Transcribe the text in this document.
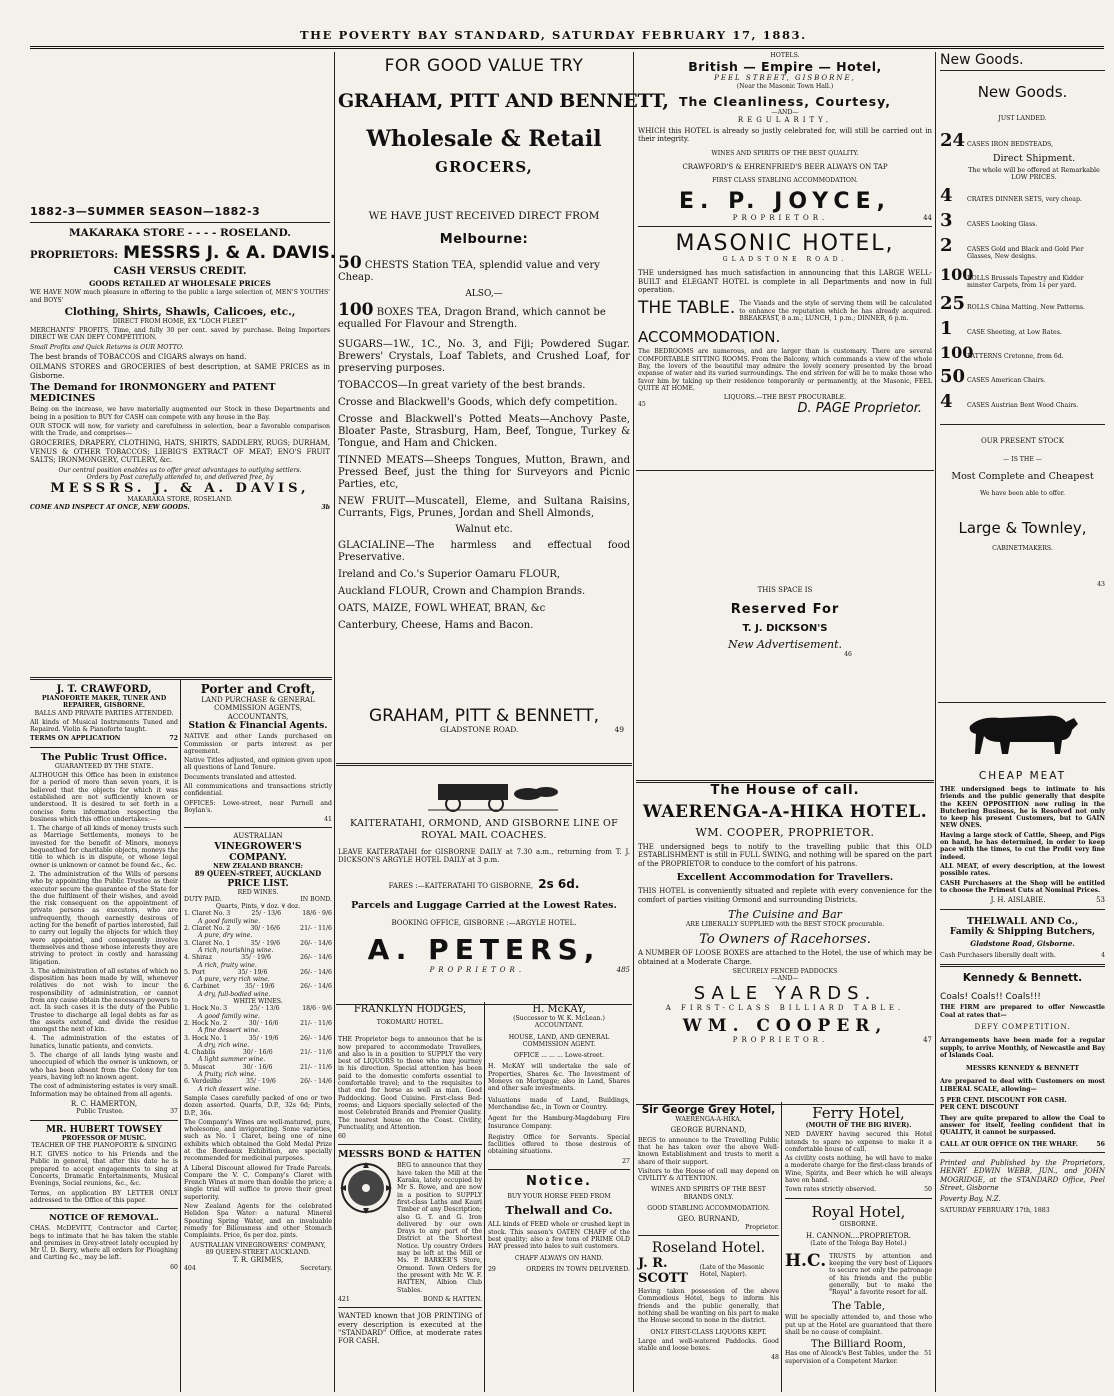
THE POVERTY BAY STANDARD, SATURDAY FEBRUARY 17, 1883.
1882-3—SUMMER SEASON—1882-3
MAKARAKA STORE - - - - ROSELAND.
PROPRIETORS: MESSRS J. & A. DAVIS.
CASH VERSUS CREDIT.
GOODS RETAILED AT WHOLESALE PRICES
WE HAVE NOW much pleasure in offering to the public a large selection of, MEN'S YOUTHS' and BOYS'
Clothing, Shirts, Shawls, Calicoes, etc.,
DIRECT FROM HOME, EX "LOCH FLEET"
MERCHANTS' PROFITS, Time, and fully 30 per cent. saved by purchase. Being Importers DIRECT WE CAN DEFY COMPETITION.
Small Profits and Quick Returns is OUR MOTTO.
The best brands of TOBACCOS and CIGARS always on hand.
OILMANS STORES and GROCERIES of best description, at SAME PRICES as in Gisborne.
The Demand for IRONMONGERY and PATENT MEDICINES
Being on the increase, we have materially augmented our Stock in these Departments and being in a position to BUY for CASH can compete with any house in the Bay.
OUR STOCK will now, for variety and carefulness in selection, bear a favorable comparison with the Trade, and comprises—
GROCERIES, DRAPERY, CLOTHING, HATS, SHIRTS, SADDLERY, RUGS; DURHAM, VENUS & OTHER TOBACCOS; LIEBIG'S EXTRACT OF MEAT; ENO'S FRUIT SALTS; IRONMONGERY, CUTLERY, &c.
Our central position enables us to offer great advantages to outlying settlers.
Orders by Post carefully attended to, and delivered free, by
MESSRS. J. & A. DAVIS,
MAKARAKA STORE, ROSELAND.
COME AND INSPECT AT ONCE, NEW GOODS.	3b
J. T. CRAWFORD,
PIANOFORTE MAKER, TUNER AND REPAIRER, GISBORNE.
BALLS AND PRIVATE PARTIES ATTENDED.
All kinds of Musical Instruments Tuned and Repaired. Violin & Pianoforte taught.
TERMS ON APPLICATION	72
The Public Trust Office.
GUARANTEED BY THE STATE.
ALTHOUGH this Office has been in existence for a period of more than seven years, it is believed that the objects for which it was established are not sufficiently known or understood. It is desired to set forth in a concise form information respecting the business which this office undertakes:—
1. The charge of all kinds of money trusts such as Marriage Settlements, moneys to be invested for the benefit of Minors, moneys bequeathed for charitable objects, moneys the title to which is in dispute, or whose legal owner is unknown or cannot be found &c., &c.
2. The administration of the Wills of persons who by appointing the Public Trustee as their executor secure the guarantee of the State for the due fulfilment of their wishes, and avoid the risk consequent on the appointment of private persons as executors, who are unfrequently, though earnestly desirous of acting for the benefit of parties interested, fail to carry out legally the objects for which they were appointed, and consequently involve themselves and those whose interests they are striving to protect in costly and harassing litigation.
3. The administration of all estates of which no disposition has been made by will, whenever relatives do not wish to incur the responsibility of administration, or cannot from any cause obtain the necessary powers to act. In such cases it is the duty of the Public Trustee to discharge all legal debts as far as the assets extend, and divide the residue amongst the next of kin.
4. The administration of the estates of lunatics, lunatic patients, and convicts.
5. The charge of all lands lying waste and unoccupied of which the owner is unknown, or who has been absent from the Colony for ten years, having left no known agent.
The cost of administering estates is very small. Information may be obtained from all agents.
R. C. HAMERTON,
Public Trustee.	37
MR. HUBERT TOWSEY
PROFESSOR OF MUSIC.
TEACHER OF THE PIANOFORTE & SINGING
H.T. GIVES notice to his Friends and the Public in general, that after this date he is prepared to accept engagements to sing at Concerts, Dramatic Entertainments, Musical Evenings, Social reunions, &c., &c.
Terms, on application BY LETTER ONLY addressed to the Office of this paper.
NOTICE OF REMOVAL.
CHAS. McDEVITT, Contractor and Carter, begs to intimate that he has taken the stable and premises in Grey-street lately occupied by Mr U. D. Berry, where all orders for Ploughing and Carting &c., may be left.
60
Porter and Croft,
LAND PURCHASE & GENERAL COMMISSION AGENTS, ACCOUNTANTS,
Station & Financial Agents.
NATIVE and other Lands purchased on Commission or parts interest as per agreement.
Native Titles adjusted, and opinion given upon all questions of Land Tenure.
Documents translated and attested.
All communications and transactions strictly confidential.
OFFICES: Lowe-street, near Parnell and Boylan's.
41
AUSTRALIAN
VINEGROWER'S COMPANY.
NEW ZEALAND BRANCH:
89 QUEEN-STREET, AUCKLAND
PRICE LIST.
RED WINES.
DUTY PAID.	IN BOND.
Quarts, Pints, ∀ doz. ∀ doz.
1. Claret No. 3	25/ · 13/6	18/6 · 9/6
A good family wine.
2. Claret No. 2	30/ · 16/6	21/- · 11/6
A pure, dry wine.
3. Claret No. 1	35/ · 19/6	26/- · 14/6
A rich, nourishing wine.
4. Shiraz	35/ · 19/6	26/- · 14/6
A rich, fruity wine.
5. Port	35/ · 19/6	26/- · 14/6
A pure, very rich wine.
6. Carbinet	35/ · 19/6	26/- · 14/6
A dry, full-bodied wine.
WHITE WINES.
1. Hock No. 3	25/ · 13/6	18/6 · 9/6
A good family wine.
2. Hock No. 2	30/ · 16/6	21/- · 11/6
A fine dessert wine.
3. Hock No. 1	35/ · 19/6	26/- · 14/6
A dry, rich wine.
4. Chablis	30/ · 16/6	21/- · 11/6
A light summer wine.
5. Muscat	30/ · 16/6	21/- · 11/6
A fruity, rich wine.
6. Verdeilho	35/ · 19/6	26/- · 14/6
A rich dessert wine.
Sample Cases carefully packed of one or two dozen assorted. Quarts, D.P., 32s 6d; Pints, D.P., 36s.
The Company's Wines are well-matured, pure, wholesome, and invigorating. Some varieties, such as No. 1 Claret, being one of nine exhibits which obtained the Gold Medal Prize at the Bordeaux Exhibition, are specially recommended for medicinal purposes.
A Liberal Discount allowed for Trade Parcels. Compare the V. C. Company's Claret with French Wines at more than double the price; a single trial will suffice to prove their great superiority.
New Zealand Agents for the celebrated Helidon Spa Water: a natural Mineral Spouting Spring Water, and an invaluable remedy for Biliousness and other Stomach Complaints. Price, 6s per doz. pints.
AUSTRALIAN VINEGROWERS' COMPANY,
89 QUEEN-STREET AUCKLAND.
T. R. GRIMES,
404	Secretary.
FOR GOOD VALUE TRY
GRAHAM, PITT AND BENNETT,
Wholesale & Retail
GROCERS,
WE HAVE JUST RECEIVED DIRECT FROM
Melbourne:
50 CHESTS Station TEA, splendid value and very Cheap.
ALSO,—
100 BOXES TEA, Dragon Brand, which cannot be equalled For Flavour and Strength.
SUGARS—1W., 1C., No. 3, and Fiji; Powdered Sugar. Brewers' Crystals, Loaf Tablets, and Crushed Loaf, for preserving purposes.
TOBACCOS—In great variety of the best brands.
Crosse and Blackwell's Goods, which defy competition.
Crosse and Blackwell's Potted Meats—Anchovy Paste, Bloater Paste, Strasburg, Ham, Beef, Tongue, Turkey & Tongue, and Ham and Chicken.
TINNED MEATS—Sheeps Tongues, Mutton, Brawn, and Pressed Beef, just the thing for Surveyors and Picnic Parties, etc,
NEW FRUIT—Muscatell, Eleme, and Sultana Raisins, Currants, Figs, Prunes, Jordan and Shell Almonds,
Walnut etc.
GLACIALINE—The harmless and effectual food Preservative.
Ireland and Co.'s Superior Oamaru FLOUR,
Auckland FLOUR, Crown and Champion Brands.
OATS, MAIZE, FOWL WHEAT, BRAN, &c
Canterbury, Cheese, Hams and Bacon.
GRAHAM, PITT & BENNETT,
GLADSTONE ROAD.	49
KAITERATAHI, ORMOND, AND GISBORNE LINE OF ROYAL MAIL COACHES.
LEAVE KAITERATAHI for GISBORNE DAILY at 7.30 a.m., returning from T. J. DICKSON'S ARGYLE HOTEL DAILY at 3 p.m.
FARES :—KAITERATAHI TO GISBORNE, 2s 6d.
Parcels and Luggage Carried at the Lowest Rates.
BOOKING OFFICE, GISBORNE :—ARGYLE HOTEL.
A. PETERS,
PROPRIETOR.	485
FRANKLYN HODGES,
TOKOMARU HOTEL.
THE Proprietor begs to announce that he is now prepared to accommodate Travellers, and also is in a position to SUPPLY the very best of LIQUORS to those who may journey in his direction. Special attention has been paid to the domestic comforts essential to comfortable travel; and to the requisites to that end for horse as well as man. Good Paddocking. Good Cuisine. First-class Bed-rooms; and Liquors specially selected of the most Celebrated Brands and Premier Quality. The nearest house on the Coast. Civility, Punctuality, and Attention.
60
MESSRS BOND & HATTEN
BEG to announce that they have taken the Mill at the Karaka, lately occupied by Mr S. Rowe, and are now in a position to SUPPLY first-class Laths and Kauri Timber of any Description; also G. T. and G. Iron delivered by our own Drays to any part of the District at the Shortest Notice. Up country Orders may be left at the Mill or Ms. P. BARKER'S Store, Ormond. Town Orders for the present with Mr. W. F. HATTEN, Albion Club Stables.
421	BOND & HATTEN.
WANTED known that JOB PRINTING of every description is executed at the "STANDARD" Office, at moderate rates FOR CASH.
H. McKAY,
(Successor to W. K. McLean.)
ACCOUNTANT.
HOUSE, LAND, AND GENERAL COMMISSION AGENT.
OFFICE ... ... ... Lowe-street.
H. McKAY will undertake the sale of Properties, Shares &c. The Investment of Moneys on Mortgage; also in Land, Shares and other safe investments.
Valuations made of Land, Buildings, Merchandise &c., in Town or Country.
Agent for the Hamburg-Magdeburg Fire Insurance Company.
Registry Office for Servants. Special facilities offered to those desirous of obtaining situations.
27
Notice.
BUY YOUR HORSE FEED FROM
Thelwall and Co.
ALL kinds of FEED whole or crushed kept in stock. This season's OATEN CHAFF of the best quality; also a few tons of PRIME OLD HAY pressed into bales to suit customers.
CHAFF ALWAYS ON HAND.
29	ORDERS IN TOWN DELIVERED.
HOTELS.
British — Empire — Hotel,
PEEL STREET, GISBORNE,
(Near the Masonic Town Hall.)
The Cleanliness, Courtesy,
—AND—
REGULARITY,
WHICH this HOTEL is already so justly celebrated for, will still be carried out in their integrity.
WINES AND SPIRITS OF THE BEST QUALITY.
CRAWFORD'S & EHRENFRIED'S BEER ALWAYS ON TAP
FIRST CLASS STABLING ACCOMMODATION.
E. P. JOYCE,
PROPRIETOR.	44
MASONIC HOTEL,
GLADSTONE ROAD.
THE undersigned has much satisfaction in announcing that this LARGE WELL-BUILT and ELEGANT HOTEL is complete in all Departments and now in full operation.
THE TABLE. The Viands and the style of serving them will be calculated to enhance the reputation which he has already acquired. BREAKFAST, 8 a.m.; LUNCH, 1 p.m.; DINNER, 6 p.m.
ACCOMMODATION.
The BEDROOMS are numerous, and are larger than is customary. There are several COMFORTABLE SITTING ROOMS. From the Balcony, which commands a view of the whole Bay, the lovers of the beautiful may admire the lovely scenery presented by the broad expanse of water and its varied surroundings. The end striven for will be to make those who favor him by taking up their residence temporarily or permanently, at the Masonic, FEEL QUITE AT HOME.
LIQUORS.—THE BEST PROCURABLE.
45	D. PAGE Proprietor.
THIS SPACE IS
Reserved For
T. J. DICKSON'S
New Advertisement.
46
The House of call.
WAERENGA-A-HIKA HOTEL.
WM. COOPER, PROPRIETOR.
THE undersigned begs to notify to the travelling public that this OLD ESTABLISHMENT is still in FULL SWING, and nothing will be spared on the part of the PROPRIETOR to conduce to the comfort of his patrons.
Excellent Accommodation for Travellers.
THIS HOTEL is conveniently situated and replete with every convenience for the comfort of parties visiting Ormond and surrounding Districts.
The Cuisine and Bar
ARE LIBERALLY SUPPLIED with the BEST STOCK procurable.
To Owners of Racehorses.
A NUMBER OF LOOSE BOXES are attached to the Hotel, the use of which may be obtained at a Moderate Charge.
SECURELY FENCED PADDOCKS
—AND—
SALE YARDS.
A FIRST-CLASS BILLIARD TABLE.
WM. COOPER,
PROPRIETOR.	47
Sir George Grey Hotel,
WAERENGA-A-HIKA.
GEORGE BURNAND,
BEGS to announce to the Travelling Public that he has taken over the above Well-known Establishment and trusts to merit a share of their support.
Visitors to the House of call may depend on CIVILITY & ATTENTION.
WINES AND SPIRITS OF THE BEST BRANDS ONLY.
GOOD STABLING ACCOMMODATION.
GEO. BURNAND,
Proprietor.
Roseland Hotel.
J. R. SCOTT
(Late of the Masonic Hotel, Napier).
Having taken possession of the above Commodious Hotel, begs to inform his friends and the public generally, that nothing shall be wanting on his part to make the House second to none in the district.
ONLY FIRST-CLASS LIQUORS KEPT.
Large and well-watered Paddocks. Good stable and loose boxes.
48
Ferry Hotel,
(MOUTH OF THE BIG RIVER).
NED DAVERY having secured this Hotel intends to spare no expense to make it a comfortable house of call.
As civility costs nothing, he will have to make a moderate charge for the first-class brands of Wine, Spirits, and Beer which he will always have on hand.
Town rates strictly observed.	50
Royal Hotel,
GISBORNE.
H. CANNON....PROPRIETOR.
(Late of the Tologa Bay Hotel.)
H.C. TRUSTS by attention and keeping the very best of Liquors to secure not only the patronage of his friends and the public generally, but to make the "Royal" a favorite resort for all.
The Table,
Will be specially attended to, and those who put up at the Hotel are guaranteed that there shall be no cause of complaint.
The Billiard Room,
Has one of Alcock's Best Tables, under the supervision of a Competent Marker.
51
New Goods.
New Goods.
JUST LANDED.
24 CASES IRON BEDSTEADS,
Direct Shipment.
The whole will be offered at Remarkable LOW PRICES.
4	CRATES DINNER SETS, very cheap.
3	CASES Looking Glass.
2	CASES Gold and Black and Gold Pier Glasses, New designs.
100
ROLLS Brussels Tapestry and Kidder minster Carpets, from 1s per yard.
25 ROLLS China Matting. New Patterns.
1	CASE Sheeting, at Low Rates.
100
PATTERNS Cretonne, from 6d.
50 CASES American Chairs.
4	CASES Austrian Bent Wood Chairs.
OUR PRESENT STOCK
— IS THE —
Most Complete and Cheapest
We have been able to offer.
Large & Townley,
CABINETMAKERS.
43
CHEAP MEAT
THE undersigned begs to intimate to his friends and the public generally that despite the KEEN OPPOSITION now ruling in the Butchering Business, he is Resolved not only to keep his present Customers, but to GAIN NEW ONES.
Having a large stock of Cattle, Sheep, and Pigs on hand, he has determined, in order to keep pace with the times, to cut the Profit very fine indeed.
ALL MEAT, of every description, at the lowest possible rates.
CASH Purchasers at the Shop will be entitled to choose the Primest Cuts at Nominal Prices.
J. H. AISLABIE.	53
THELWALL AND Co.,
Family & Shipping Butchers,
Gladstone Road, Gisborne.
Cash Purchasers liberally dealt with.	4
Kennedy & Bennett.
Coals! Coals!! Coals!!!
THE FIRM are prepared to offer Newcastle Coal at rates that—
DEFY COMPETITION.
Arrangements have been made for a regular supply, to arrive Monthly, of Newcastle and Bay of Islands Coal.
MESSRS KENNEDY & BENNETT
Are prepared to deal with Customers on most LIBERAL SCALE, allowing—
5 PER CENT. DISCOUNT FOR CASH.
PER CENT. DISCOUNT
They are quite prepared to allow the Coal to answer for itself, feeling confident that in QUALITY, it cannot be surpassed.
CALL AT OUR OFFICE ON THE WHARF.	56
Printed and Published by the Proprietors, HENRY EDWIN WEBB, JUN., and JOHN MOGRIDGE, at the STANDARD Office, Peel Street, Gisborne
Poverty Bay, N.Z.
SATURDAY FEBRUARY 17th, 1883
